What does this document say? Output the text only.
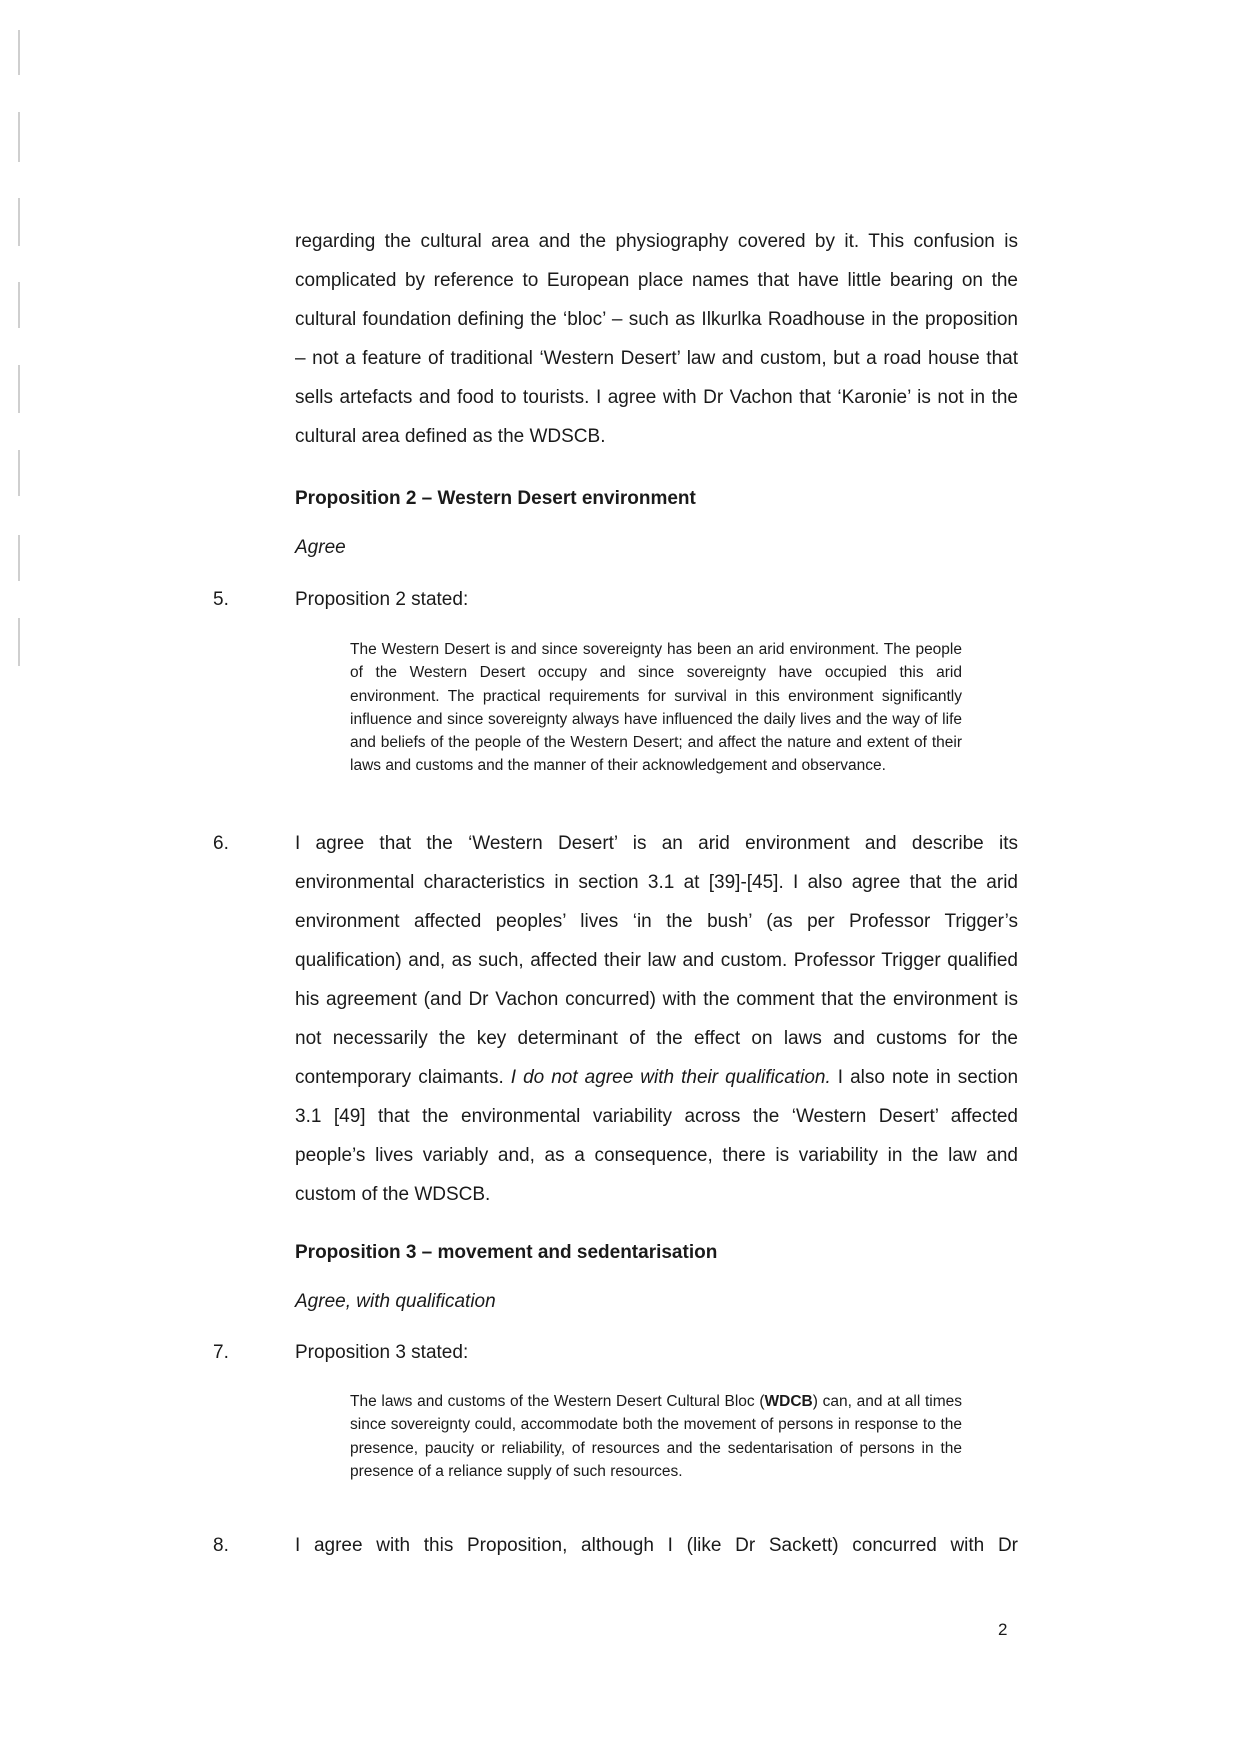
regarding the cultural area and the physiography covered by it. This confusion is complicated by reference to European place names that have little bearing on the cultural foundation defining the ‘bloc’ – such as Ilkurlka Roadhouse in the proposition – not a feature of traditional ‘Western Desert’ law and custom, but a road house that sells artefacts and food to tourists. I agree with Dr Vachon that ‘Karonie’ is not in the cultural area defined as the WDSCB.
Proposition 2 – Western Desert environment
Agree
5.	Proposition 2 stated:
The Western Desert is and since sovereignty has been an arid environment. The people of the Western Desert occupy and since sovereignty have occupied this arid environment. The practical requirements for survival in this environment significantly influence and since sovereignty always have influenced the daily lives and the way of life and beliefs of the people of the Western Desert; and affect the nature and extent of their laws and customs and the manner of their acknowledgement and observance.
6.	I agree that the ‘Western Desert’ is an arid environment and describe its environmental characteristics in section 3.1 at [39]-[45]. I also agree that the arid environment affected peoples’ lives ‘in the bush’ (as per Professor Trigger’s qualification) and, as such, affected their law and custom. Professor Trigger qualified his agreement (and Dr Vachon concurred) with the comment that the environment is not necessarily the key determinant of the effect on laws and customs for the contemporary claimants. I do not agree with their qualification. I also note in section 3.1 [49] that the environmental variability across the ‘Western Desert’ affected people’s lives variably and, as a consequence, there is variability in the law and custom of the WDSCB.
Proposition 3 – movement and sedentarisation
Agree, with qualification
7.	Proposition 3 stated:
The laws and customs of the Western Desert Cultural Bloc (WDCB) can, and at all times since sovereignty could, accommodate both the movement of persons in response to the presence, paucity or reliability, of resources and the sedentarisation of persons in the presence of a reliance supply of such resources.
8.	I agree with this Proposition, although I (like Dr Sackett) concurred with Dr
2
